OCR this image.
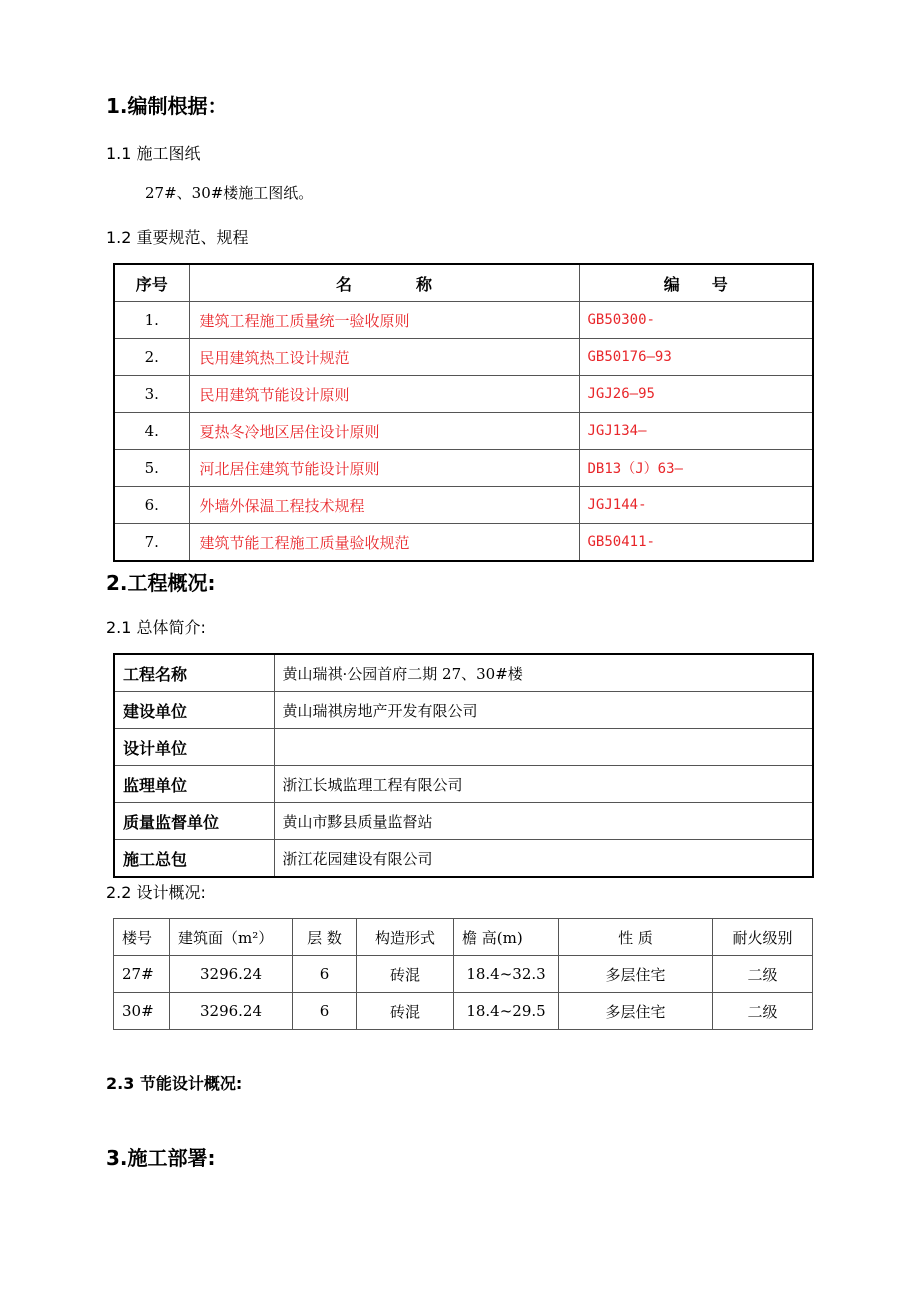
1.编制根据：
1.1 施工图纸
27#、30#楼施工图纸。
1.2 重要规范、规程
序号	名　　　　称	编　　号
1.	建筑工程施工质量统一验收原则	GB50300-
2.	民用建筑热工设计规范	GB50176—93
3.	民用建筑节能设计原则	JGJ26—95
4.	夏热冬冷地区居住设计原则	JGJ134—
5.	河北居住建筑节能设计原则	DB13（J）63—
6.	外墙外保温工程技术规程	JGJ144-
7.	建筑节能工程施工质量验收规范	GB50411-
2.工程概况:
2.1 总体简介:
工程名称	黄山瑞祺·公园首府二期 27、30#楼
建设单位	黄山瑞祺房地产开发有限公司
设计单位	
监理单位	浙江长城监理工程有限公司
质量监督单位	黄山市黟县质量监督站
施工总包	浙江花园建设有限公司
2.2 设计概况:
楼号	建筑面（m²）	层 数	构造形式	檐 高(m)	性 质	耐火级别
27#	3296.24	6	砖混	18.4~32.3	多层住宅	二级
30#	3296.24	6	砖混	18.4~29.5	多层住宅	二级
2.3 节能设计概况:
3.施工部署:
